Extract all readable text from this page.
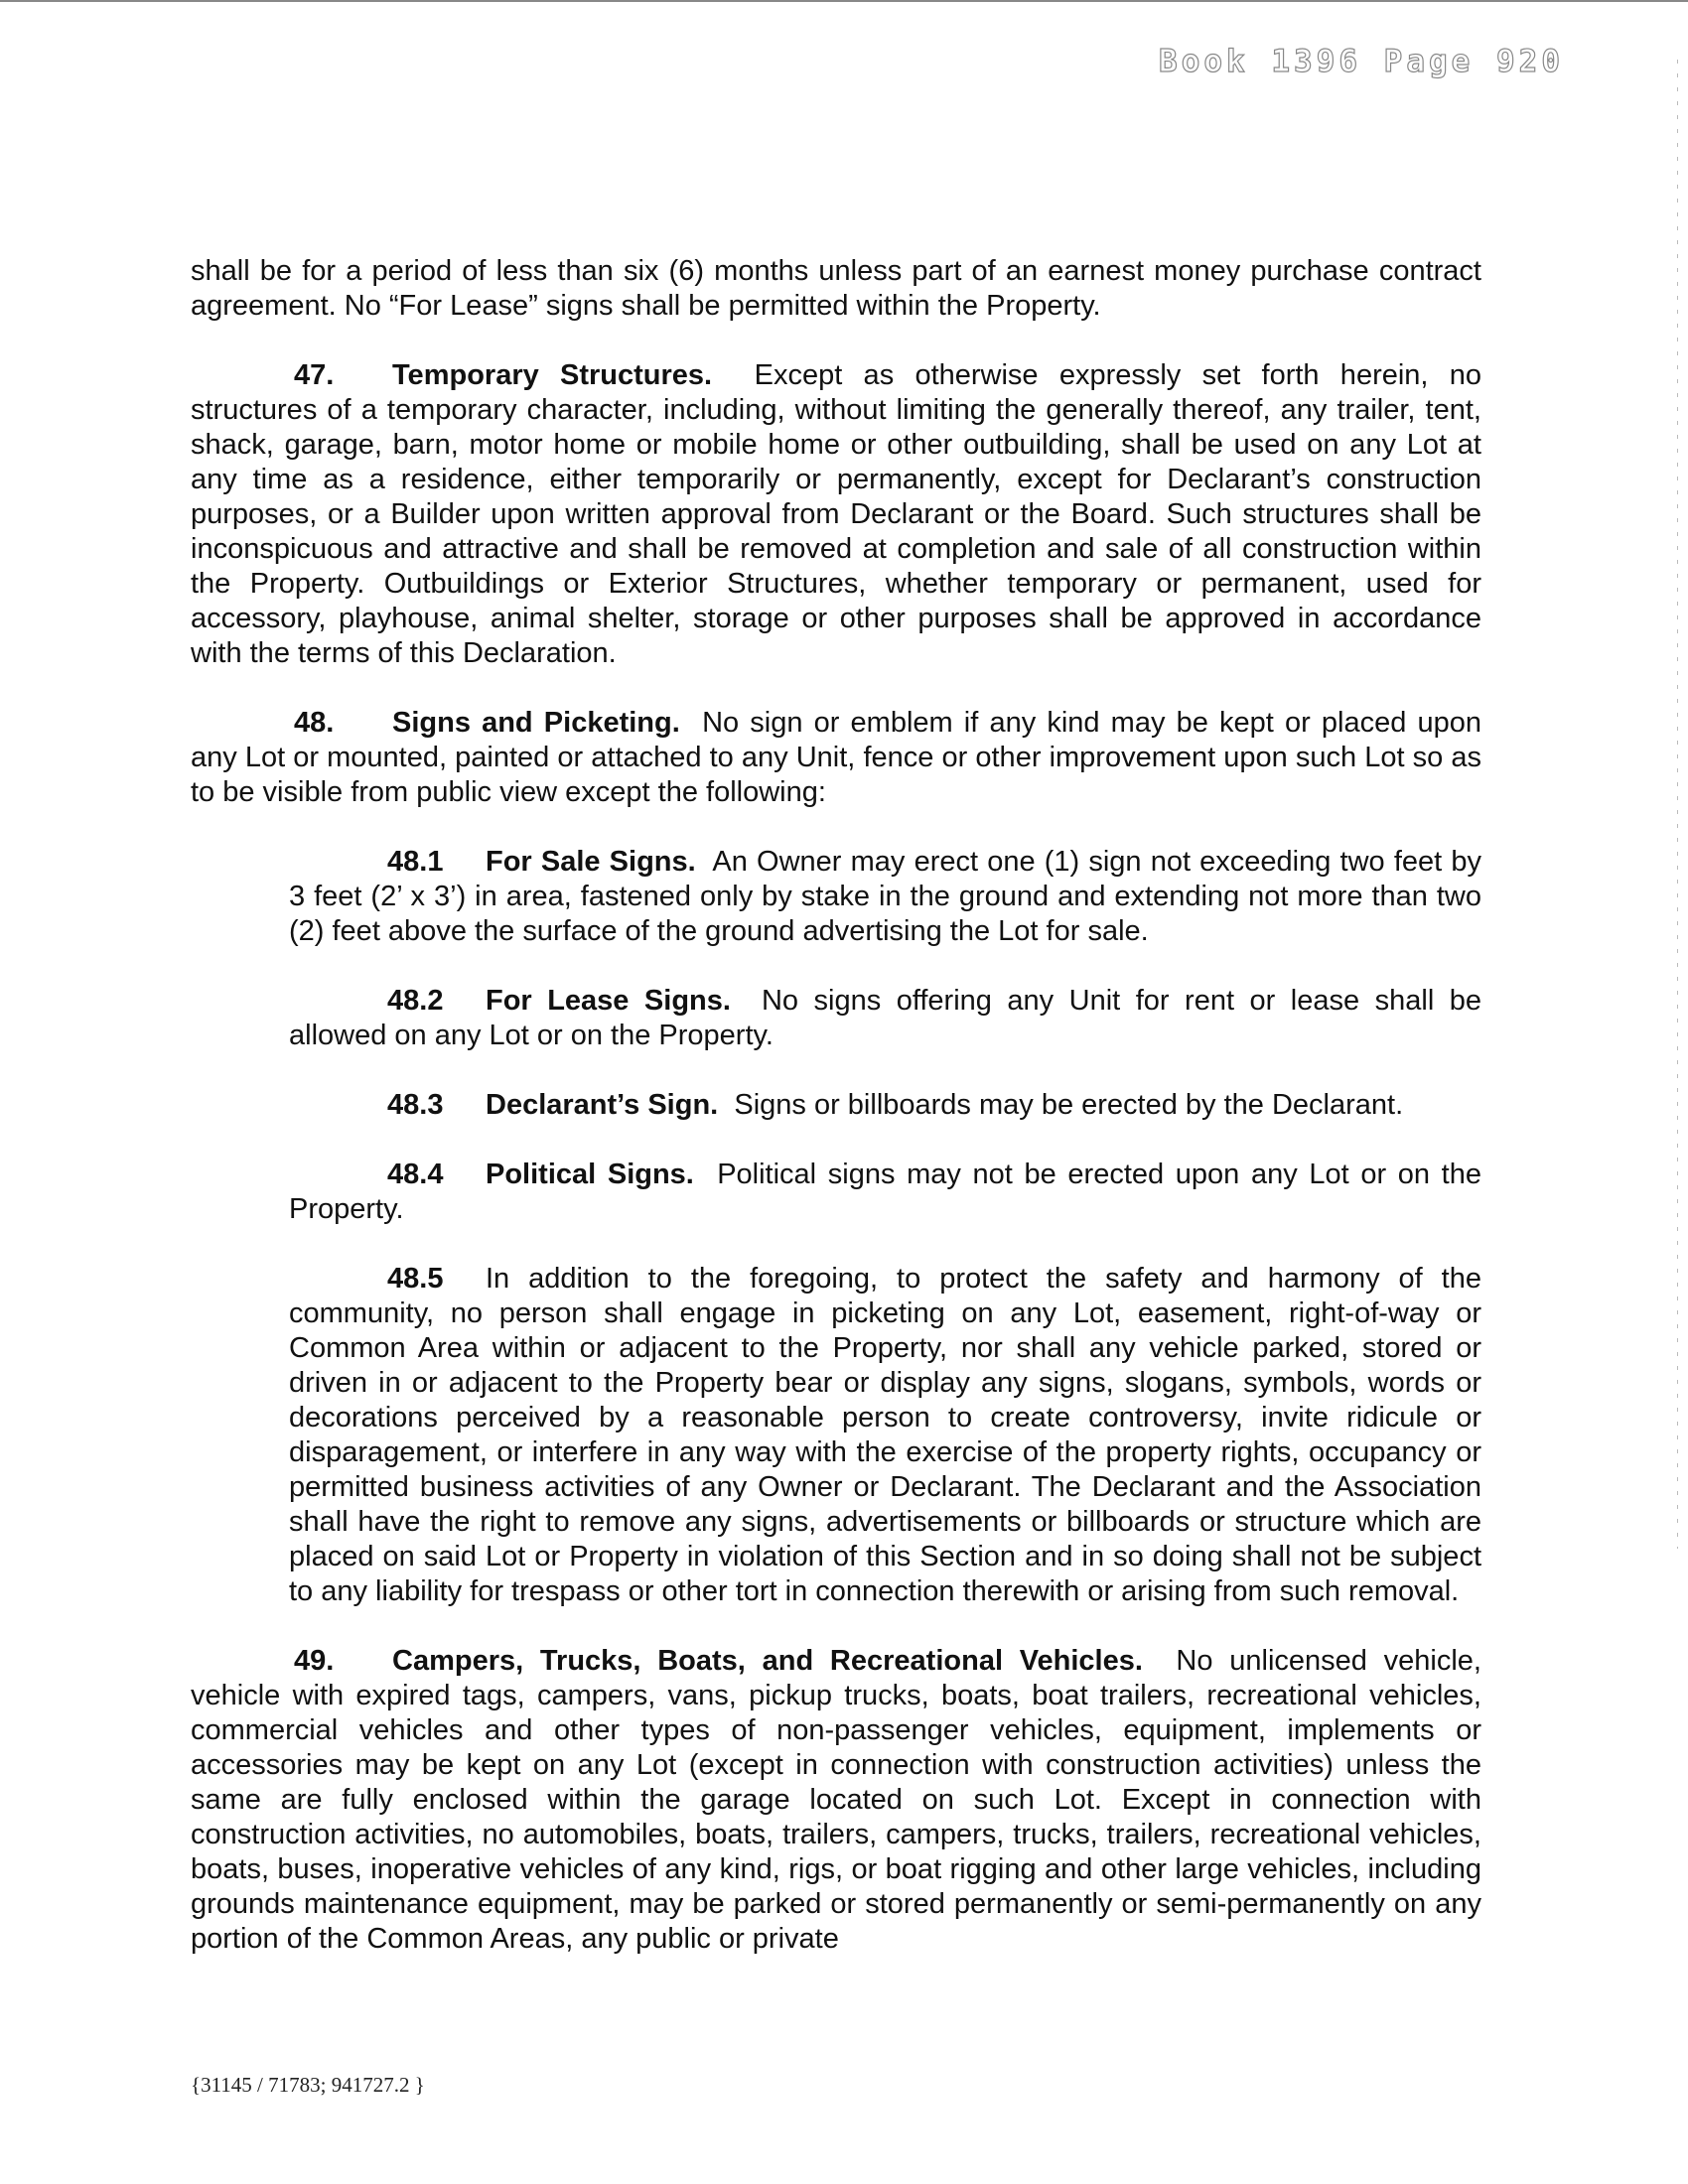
Book 1396 Page 920

shall be for a period of less than six (6) months unless part of an earnest money purchase contract agreement. No “For Lease” signs shall be permitted within the Property.

47. Temporary Structures. Except as otherwise expressly set forth herein, no structures of a temporary character, including, without limiting the generally thereof, any trailer, tent, shack, garage, barn, motor home or mobile home or other outbuilding, shall be used on any Lot at any time as a residence, either temporarily or permanently, except for Declarant’s construction purposes, or a Builder upon written approval from Declarant or the Board. Such structures shall be inconspicuous and attractive and shall be removed at completion and sale of all construction within the Property. Outbuildings or Exterior Structures, whether temporary or permanent, used for accessory, playhouse, animal shelter, storage or other purposes shall be approved in accordance with the terms of this Declaration.

48. Signs and Picketing. No sign or emblem if any kind may be kept or placed upon any Lot or mounted, painted or attached to any Unit, fence or other improvement upon such Lot so as to be visible from public view except the following:

48.1 For Sale Signs. An Owner may erect one (1) sign not exceeding two feet by 3 feet (2’ x 3’) in area, fastened only by stake in the ground and extending not more than two (2) feet above the surface of the ground advertising the Lot for sale.

48.2 For Lease Signs. No signs offering any Unit for rent or lease shall be allowed on any Lot or on the Property.

48.3 Declarant’s Sign. Signs or billboards may be erected by the Declarant.

48.4 Political Signs. Political signs may not be erected upon any Lot or on the Property.

48.5 In addition to the foregoing, to protect the safety and harmony of the community, no person shall engage in picketing on any Lot, easement, right-of-way or Common Area within or adjacent to the Property, nor shall any vehicle parked, stored or driven in or adjacent to the Property bear or display any signs, slogans, symbols, words or decorations perceived by a reasonable person to create controversy, invite ridicule or disparagement, or interfere in any way with the exercise of the property rights, occupancy or permitted business activities of any Owner or Declarant. The Declarant and the Association shall have the right to remove any signs, advertisements or billboards or structure which are placed on said Lot or Property in violation of this Section and in so doing shall not be subject to any liability for trespass or other tort in connection therewith or arising from such removal.

49. Campers, Trucks, Boats, and Recreational Vehicles. No unlicensed vehicle, vehicle with expired tags, campers, vans, pickup trucks, boats, boat trailers, recreational vehicles, commercial vehicles and other types of non-passenger vehicles, equipment, implements or accessories may be kept on any Lot (except in connection with construction activities) unless the same are fully enclosed within the garage located on such Lot. Except in connection with construction activities, no automobiles, boats, trailers, campers, trucks, trailers, recreational vehicles, boats, buses, inoperative vehicles of any kind, rigs, or boat rigging and other large vehicles, including grounds maintenance equipment, may be parked or stored permanently or semi-permanently on any portion of the Common Areas, any public or private

{31145 / 71783; 941727.2 }
